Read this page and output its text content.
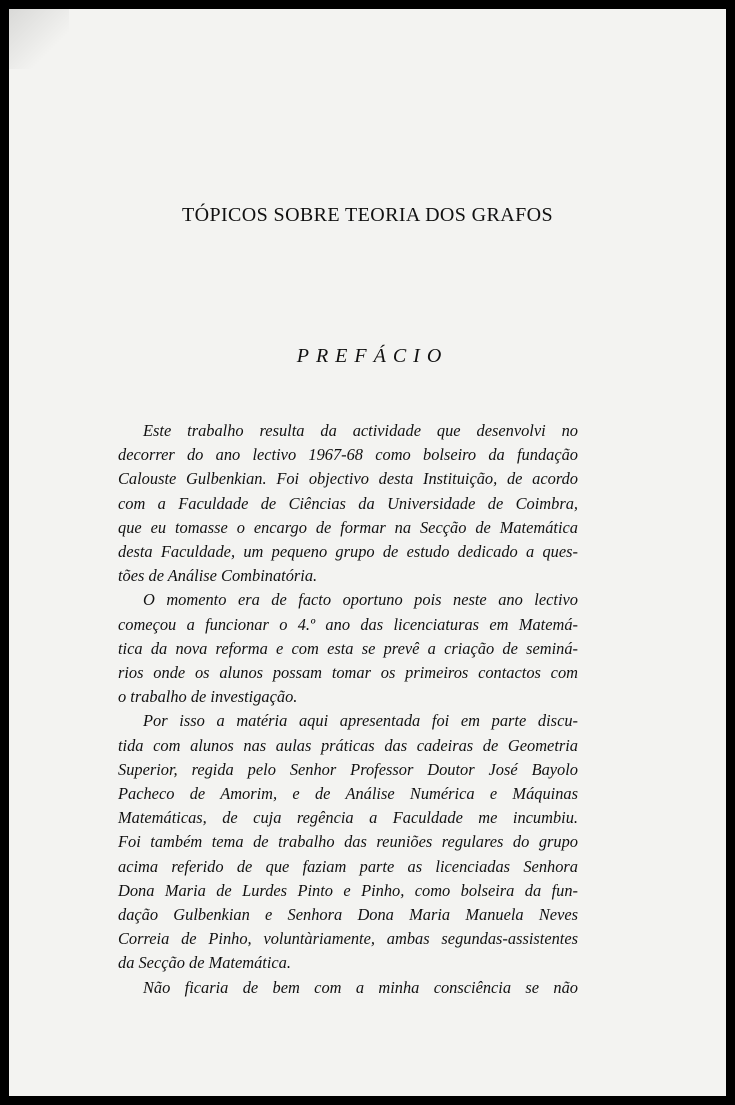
TÓPICOS SOBRE TEORIA DOS GRAFOS
PREFÁCIO

Este trabalho resulta da actividade que desenvolvi no
decorrer do ano lectivo 1967-68 como bolseiro da fundação
Calouste Gulbenkian. Foi objectivo desta Instituição, de acordo
com a Faculdade de Ciências da Universidade de Coimbra,
que eu tomasse o encargo de formar na Secção de Matemática
desta Faculdade, um pequeno grupo de estudo dedicado a ques-
tões de Análise Combinatória.

O momento era de facto oportuno pois neste ano lectivo
começou a funcionar o 4.º ano das licenciaturas em Matemá-
tica da nova reforma e com esta se prevê a criação de seminá-
rios onde os alunos possam tomar os primeiros contactos com
o trabalho de investigação.

Por isso a matéria aqui apresentada foi em parte discu-
tida com alunos nas aulas práticas das cadeiras de Geometria
Superior, regida pelo Senhor Professor Doutor José Bayolo
Pacheco de Amorim, e de Análise Numérica e Máquinas
Matemáticas, de cuja regência a Faculdade me incumbiu.
Foi também tema de trabalho das reuniões regulares do grupo
acima referido de que faziam parte as licenciadas Senhora
Dona Maria de Lurdes Pinto e Pinho, como bolseira da fun-
dação Gulbenkian e Senhora Dona Maria Manuela Neves
Correia de Pinho, voluntàriamente, ambas segundas-assistentes
da Secção de Matemática.

Não ficaria de bem com a minha consciência se não
